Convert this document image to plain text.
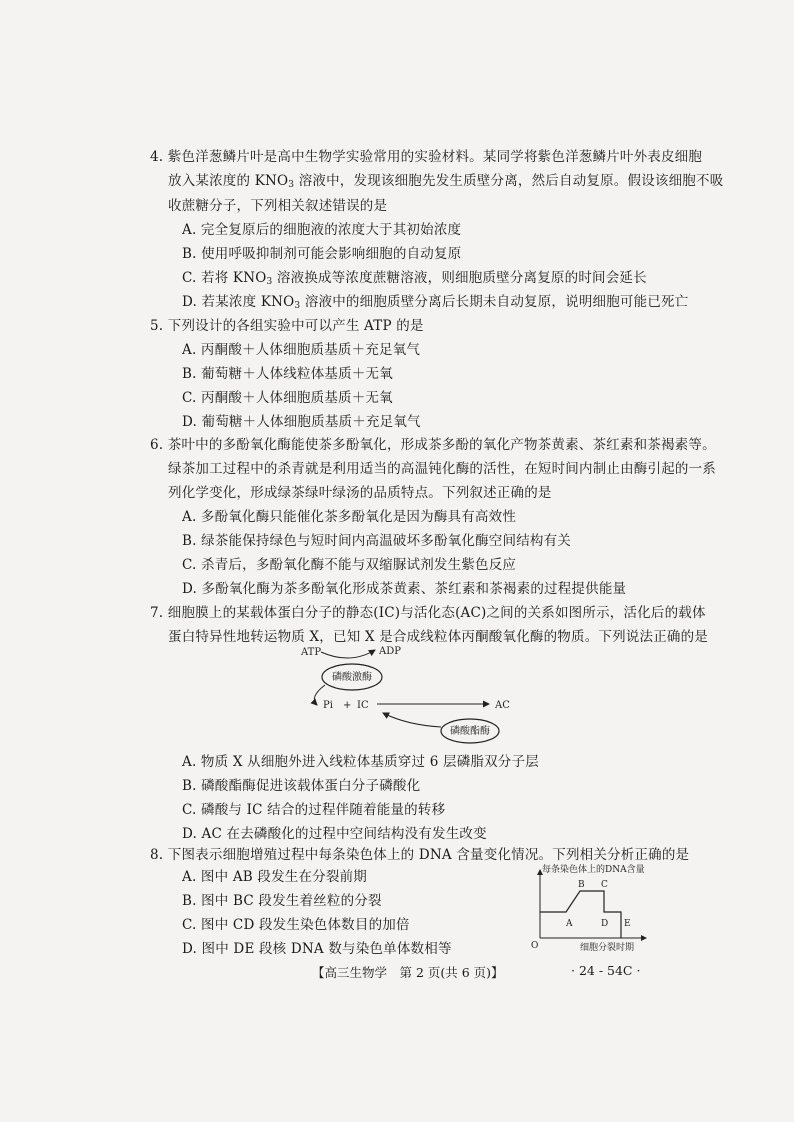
4. 紫色洋葱鳞片叶是高中生物学实验常用的实验材料。某同学将紫色洋葱鳞片叶外表皮细胞
放入某浓度的 $KNO_3$ 溶液中，发现该细胞先发生质壁分离，然后自动复原。假设该细胞不吸
收蔗糖分子，下列相关叙述错误的是
A. 完全复原后的细胞液的浓度大于其初始浓度
B. 使用呼吸抑制剂可能会影响细胞的自动复原
C. 若将 $KNO_3$ 溶液换成等浓度蔗糖溶液，则细胞质壁分离复原的时间会延长
D. 若某浓度 $KNO_3$ 溶液中的细胞质壁分离后长期未自动复原，说明细胞可能已死亡
5. 下列设计的各组实验中可以产生 ATP 的是
A. 丙酮酸＋人体细胞质基质＋充足氧气
B. 葡萄糖＋人体线粒体基质＋无氧
C. 丙酮酸＋人体细胞质基质＋无氧
D. 葡萄糖＋人体细胞质基质＋充足氧气
6. 茶叶中的多酚氧化酶能使茶多酚氧化，形成茶多酚的氧化产物茶黄素、茶红素和茶褐素等。
绿茶加工过程中的杀青就是利用适当的高温钝化酶的活性，在短时间内制止由酶引起的一系
列化学变化，形成绿茶绿叶绿汤的品质特点。下列叙述正确的是
A. 多酚氧化酶只能催化茶多酚氧化是因为酶具有高效性
B. 绿茶能保持绿色与短时间内高温破坏多酚氧化酶空间结构有关
C. 杀青后，多酚氧化酶不能与双缩脲试剂发生紫色反应
D. 多酚氧化酶为茶多酚氧化形成茶黄素、茶红素和茶褐素的过程提供能量
7. 细胞膜上的某载体蛋白分子的静态(IC)与活化态(AC)之间的关系如图所示，活化后的载体
蛋白特异性地转运物质 X，已知 X 是合成线粒体丙酮酸氧化酶的物质。下列说法正确的是
ATP	ADP
磷酸激酶
Pi + IC	AC
磷酸酯酶
A. 物质 X 从细胞外进入线粒体基质穿过 6 层磷脂双分子层
B. 磷酸酯酶促进该载体蛋白分子磷酸化
C. 磷酸与 IC 结合的过程伴随着能量的转移
D. AC 在去磷酸化的过程中空间结构没有发生改变
8. 下图表示细胞增殖过程中每条染色体上的 DNA 含量变化情况。下列相关分析正确的是
A. 图中 AB 段发生在分裂前期
B. 图中 BC 段发生着丝粒的分裂
C. 图中 CD 段发生染色体数目的加倍
D. 图中 DE 段核 DNA 数与染色单体数相等
每条染色体上的DNA含量
O	细胞分裂时期
A
B C
D E
【高三生物学　第 2 页(共 6 页)】	· 24 - 54C ·
